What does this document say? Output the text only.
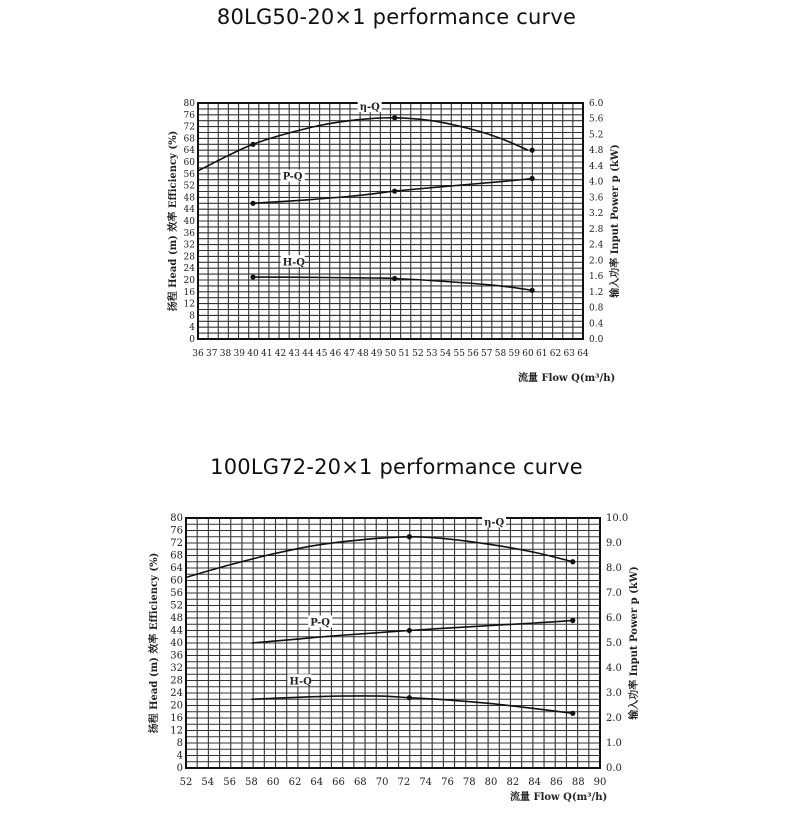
80LG50-20×1 performance curve
100LG72-20×1 performance curve
36 37 38 39 40 41 42 43 44 45 46 47 48 49 50 51 52 53 54 55 56 57 58 59 60 61 62 63 64
0
4
8
12
16
20
24
28
32
36
40
44
48
52
56
60
64
68
72
76
80
0.0
0.4
0.8
1.2
1.6
2.0
2.4
2.8
3.2
3.6
4.0
4.4
4.8
5.2
5.6
6.0
扬程 Head (m) 效率 Efficiency (%)	输入功率 Input Power p (kW)
流量 Flow Q(m³/h)
η-Q
P-Q
H-Q
52 54 56 58 60 62 64 66 68 70 72 74 76 78 80 82 84 86 88 90
0
4
8
12
16
20
24
28
32
36
40
44
48
52
56
60
64
68
72
76
80
0.0
1.0
2.0
3.0
4.0
5.0
6.0
7.0
8.0
9.0
10.0
扬程 Head (m) 效率 Efficiency (%)	输入功率 Input Power p (kW)
流量 Flow Q(m³/h)
η-Q
P-Q
H-Q
